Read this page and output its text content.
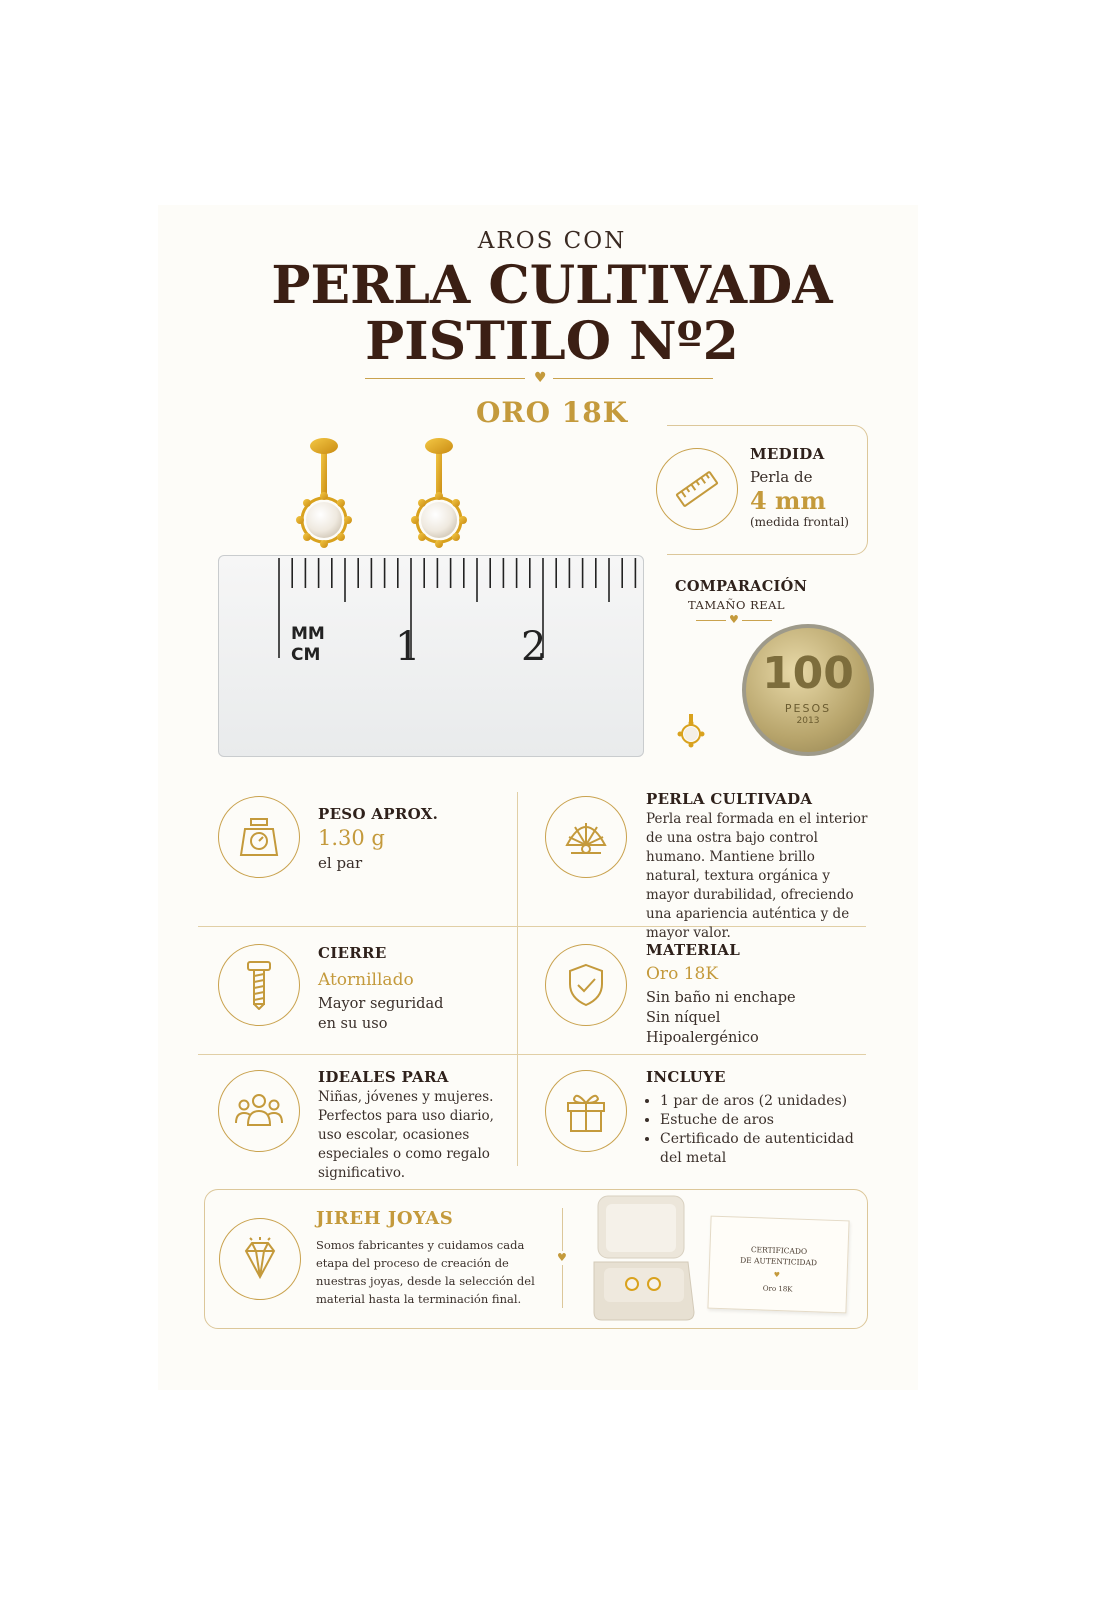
AROS CON
PERLA CULTIVADA
PISTILO Nº2
♥
ORO 18K
MM
CM 1	2
MEDIDA
Perla de
4 mm
(medida frontal)
COMPARACIÓN
TAMAÑO REAL
♥
100
PESOS
2013
PESO APROX.
1.30 g
el par
PERLA CULTIVADA
Perla real formada en el interior de una ostra bajo control humano. Mantiene brillo natural, textura orgánica y mayor durabilidad, ofreciendo una apariencia auténtica y de mayor valor.
CIERRE
Atornillado
Mayor seguridad
en su uso
MATERIAL
Oro 18K
Sin baño ni enchape
Sin níquel
Hipoalergénico
IDEALES PARA
Niñas, jóvenes y mujeres. Perfectos para uso diario, uso escolar, ocasiones especiales o como regalo significativo.
INCLUYE
• 1 par de aros (2 unidades)
• Estuche de aros
• Certificado de autenticidad del metal
JIREH JOYAS
Somos fabricantes y cuidamos cada etapa del proceso de creación de nuestras joyas, desde la selección del material hasta la terminación final.
♥
CERTIFICADO
DE AUTENTICIDAD
♥
Oro 18K
